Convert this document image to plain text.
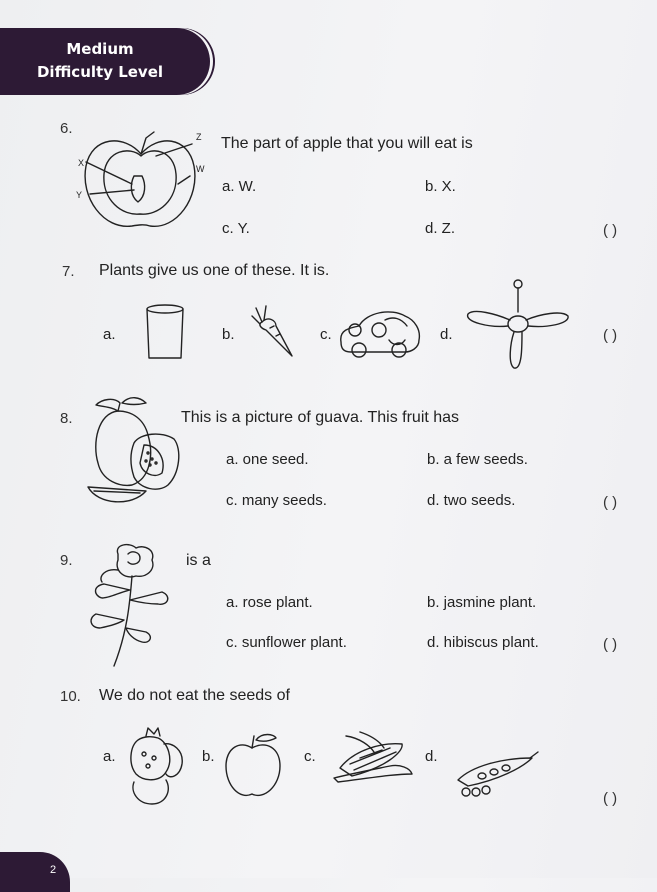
Medium
Difficulty Level
6.
X
Y
W
Z The part of apple that you will eat is
a. W.	b. X.
c. Y.	d. Z.	( )
7. Plants give us one of these. It is.
a.	b.	c.	d.	( )
8.	This is a picture of guava. This fruit has
a. one seed.	b. a few seeds.
c. many seeds.	d. two seeds.	( )
9.	is a
a. rose plant.	b. jasmine plant.
c. sunflower plant.	d. hibiscus plant.	( )
10. We do not eat the seeds of
a.	b.	c.	d.
( )
2
